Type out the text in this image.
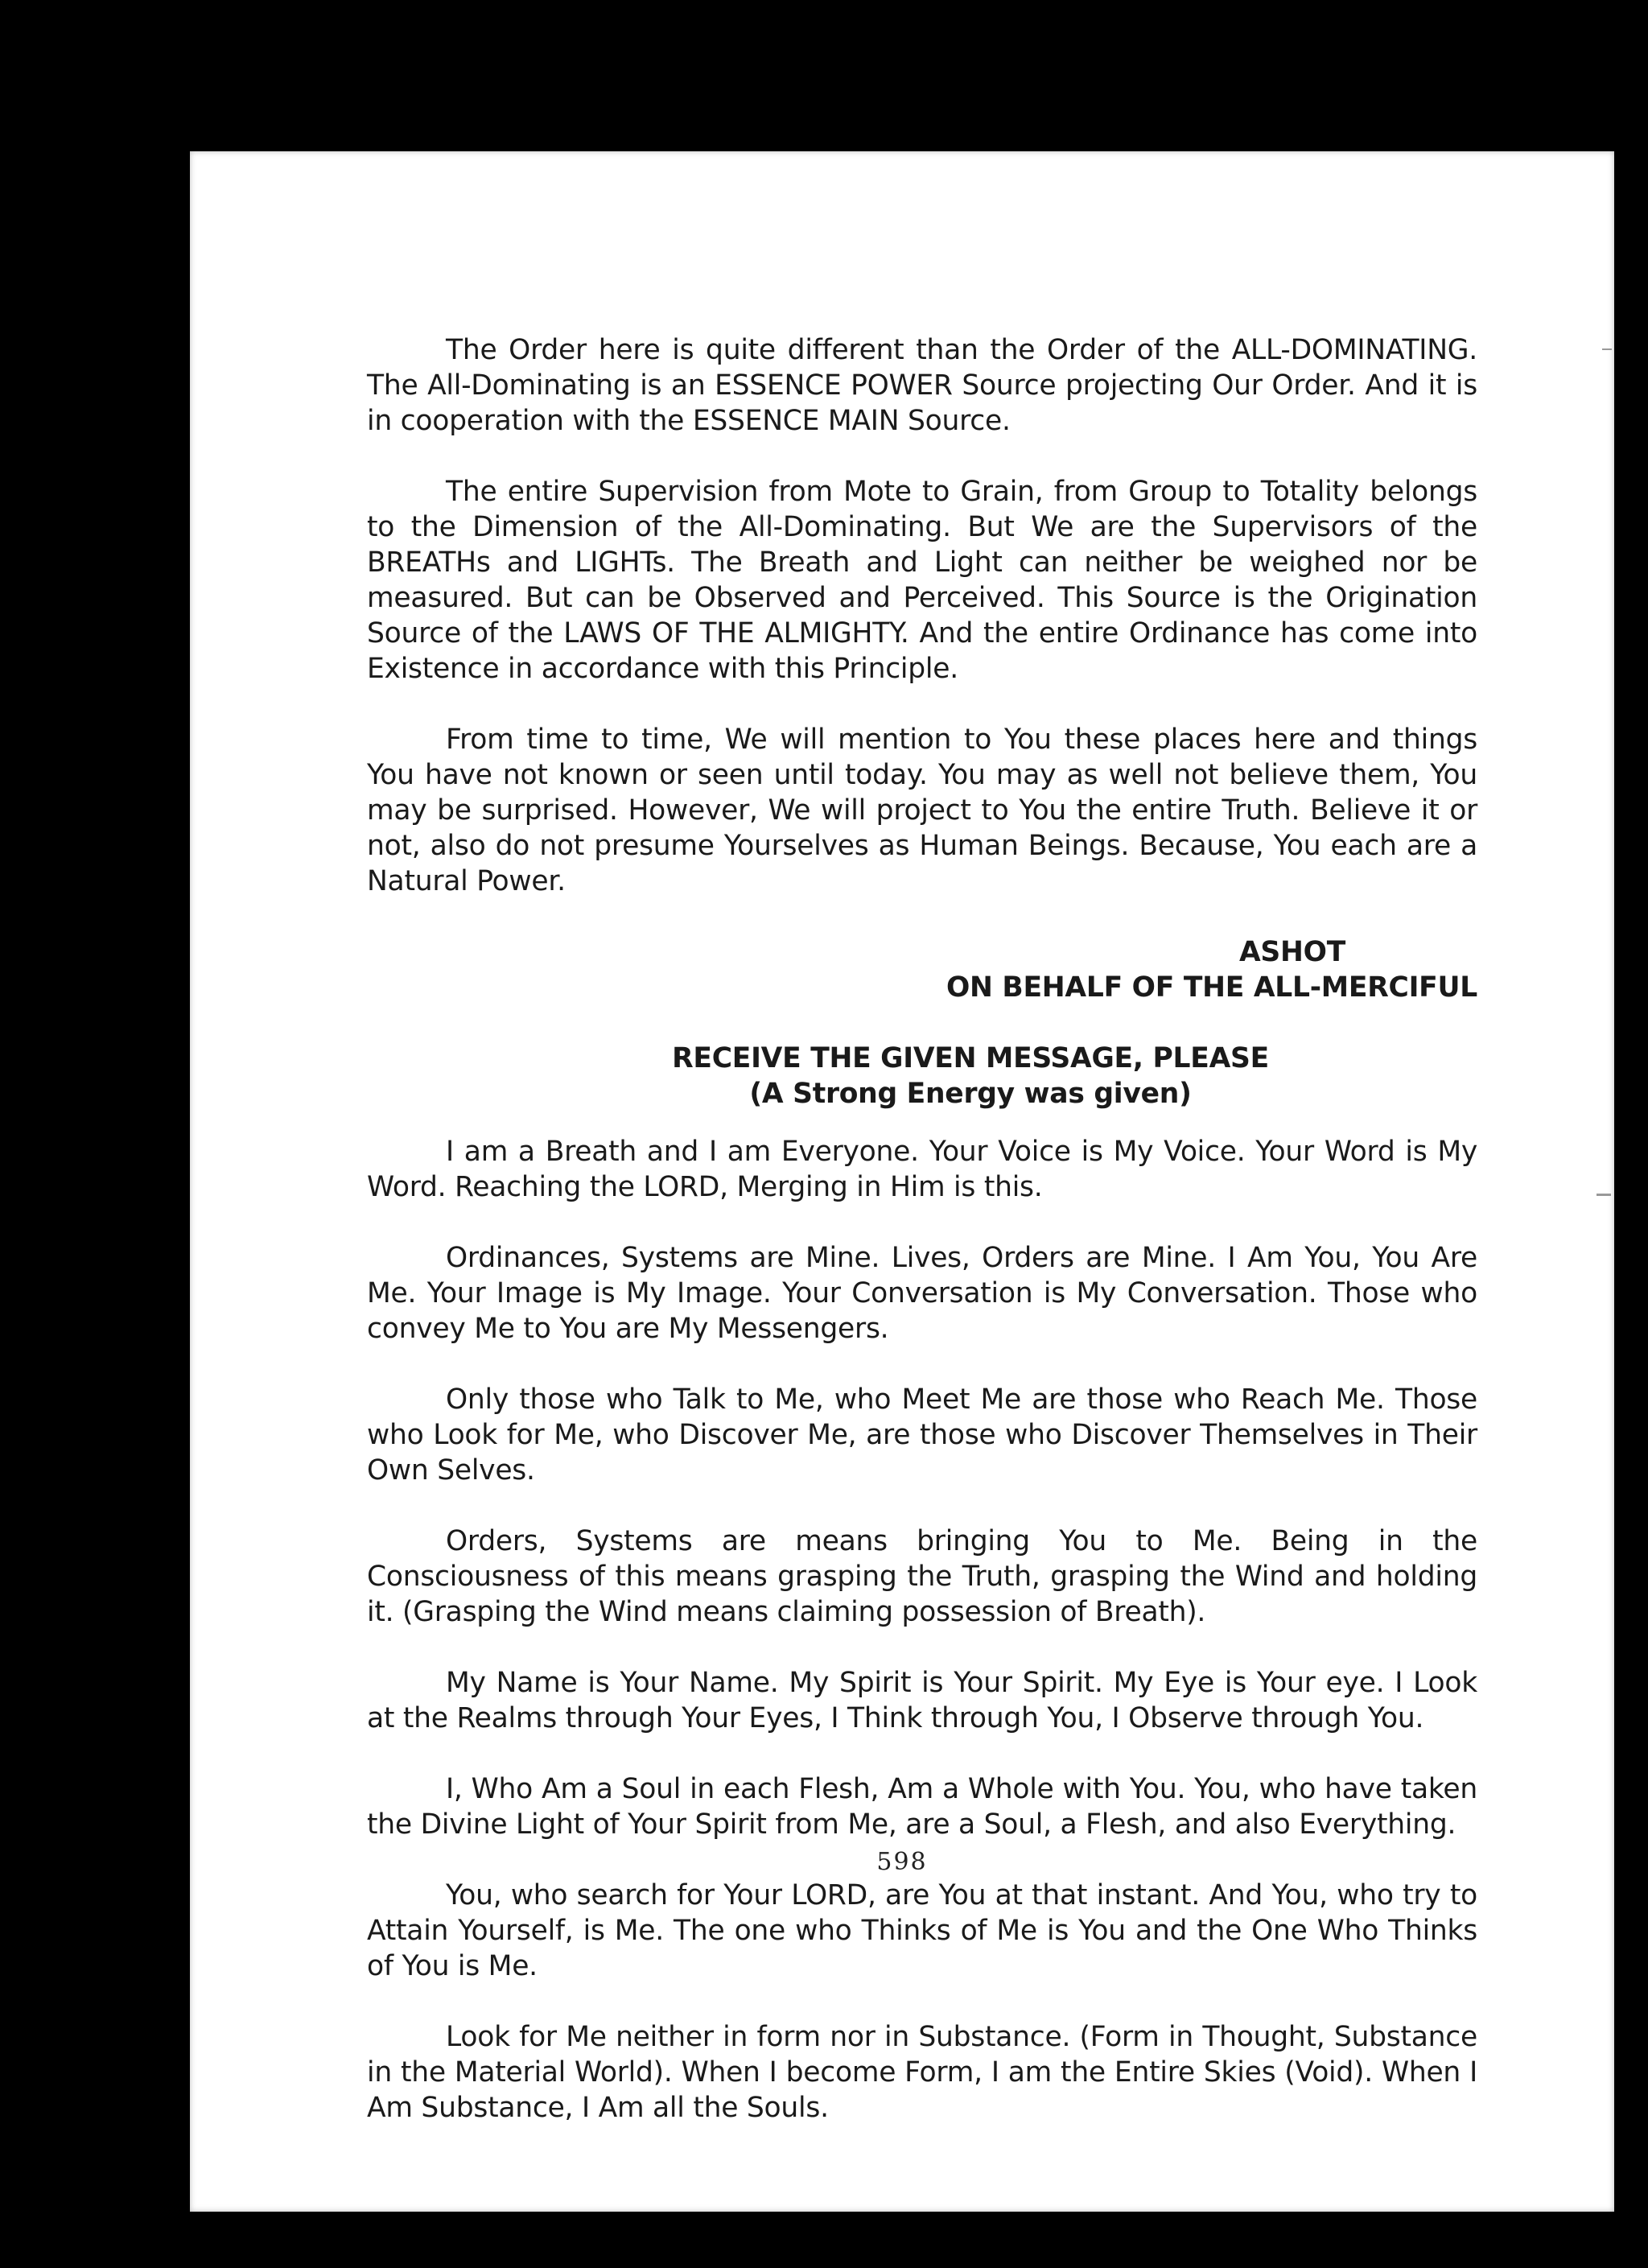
The Order here is quite different than the Order of the ALL-DOMINATING. The All-Dominating is an ESSENCE POWER Source projecting Our Order. And it is in cooperation with the ESSENCE MAIN Source.

The entire Supervision from Mote to Grain, from Group to Totality belongs to the Dimension of the All-Dominating. But We are the Supervisors of the BREATHs and LIGHTs. The Breath and Light can neither be weighed nor be measured. But can be Observed and Perceived. This Source is the Origination Source of the LAWS OF THE ALMIGHTY. And the entire Ordinance has come into Existence in accordance with this Principle.

From time to time, We will mention to You these places here and things You have not known or seen until today. You may as well not believe them, You may be surprised. However, We will project to You the entire Truth. Believe it or not, also do not presume Yourselves as Human Beings. Because, You each are a Natural Power.

ASHOT

ON BEHALF OF THE ALL-MERCIFUL

RECEIVE THE GIVEN MESSAGE, PLEASE

(A Strong Energy was given)

I am a Breath and I am Everyone. Your Voice is My Voice. Your Word is My Word. Reaching the LORD, Merging in Him is this.

Ordinances, Systems are Mine. Lives, Orders are Mine. I Am You, You Are Me. Your Image is My Image. Your Conversation is My Conversation. Those who convey Me to You are My Messengers.

Only those who Talk to Me, who Meet Me are those who Reach Me. Those who Look for Me, who Discover Me, are those who Discover Themselves in Their Own Selves.

Orders, Systems are means bringing You to Me. Being in the Consciousness of this means grasping the Truth, grasping the Wind and holding it. (Grasping the Wind means claiming possession of Breath).

My Name is Your Name. My Spirit is Your Spirit. My Eye is Your eye. I Look at the Realms through Your Eyes, I Think through You, I Observe through You.

I, Who Am a Soul in each Flesh, Am a Whole with You. You, who have taken the Divine Light of Your Spirit from Me, are a Soul, a Flesh, and also Everything.

You, who search for Your LORD, are You at that instant. And You, who try to Attain Yourself, is Me. The one who Thinks of Me is You and the One Who Thinks of You is Me.

Look for Me neither in form nor in Substance. (Form in Thought, Substance in the Material World). When I become Form, I am the Entire Skies (Void). When I Am Substance, I Am all the Souls.

598
